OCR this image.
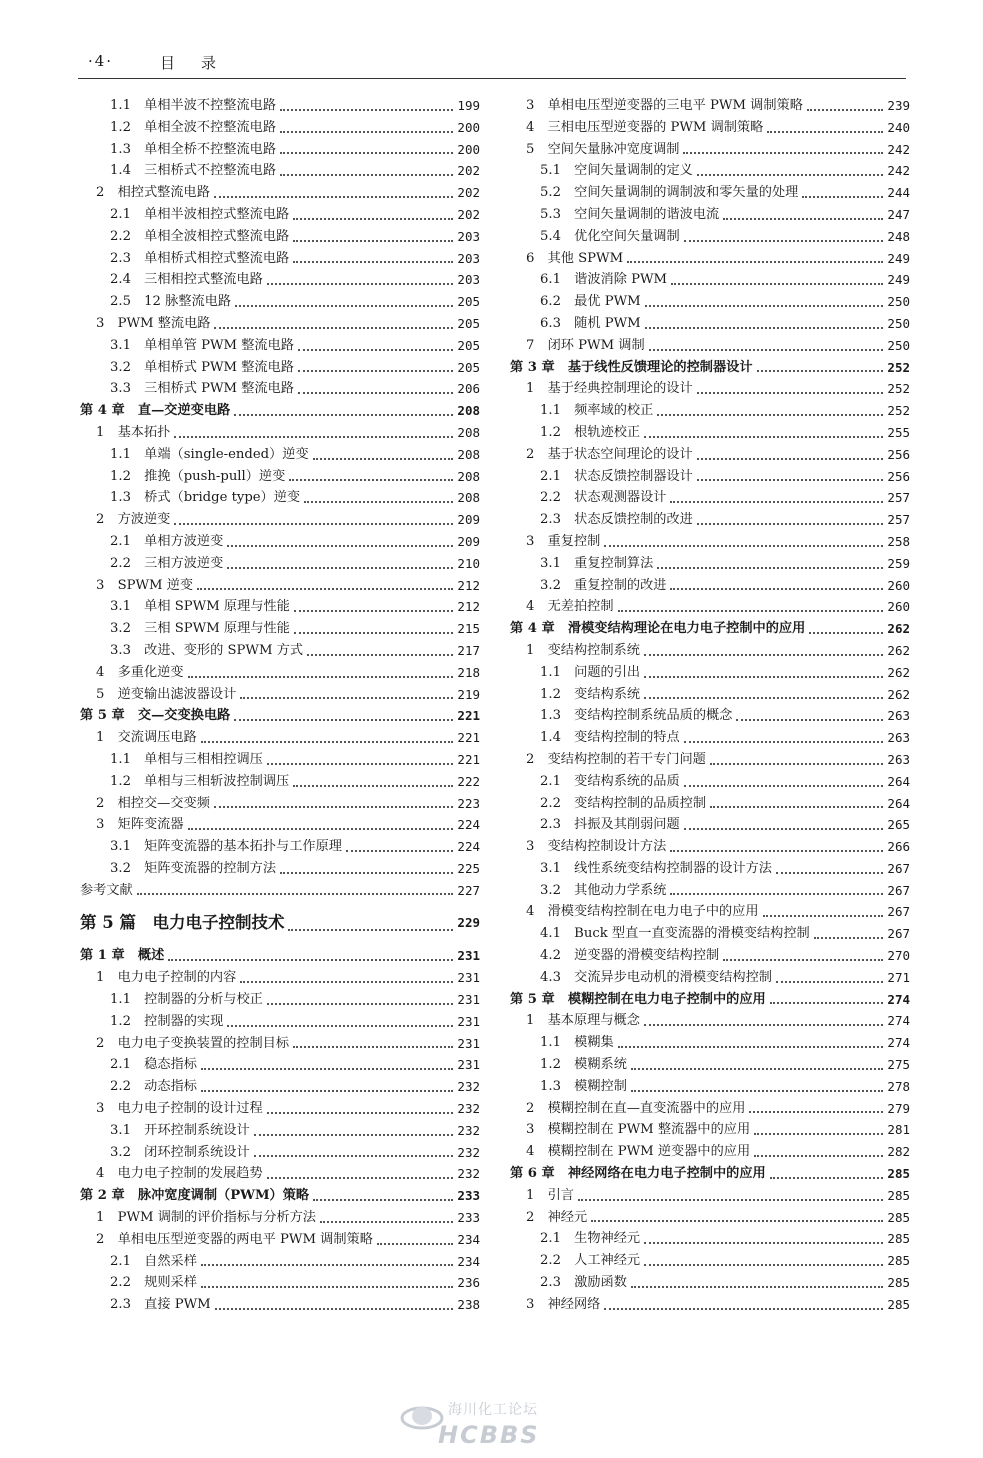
·4·	目录
1.1　单相半波不控整流电路	199
1.2　单相全波不控整流电路	200
1.3　单相全桥不控整流电路	200
1.4　三相桥式不控整流电路	202
2　相控式整流电路	202
2.1　单相半波相控式整流电路	202
2.2　单相全波相控式整流电路	203
2.3　单相桥式相控式整流电路	203
2.4　三相相控式整流电路	203
2.5　12 脉整流电路	205
3　PWM 整流电路	205
3.1　单相单管 PWM 整流电路	205
3.2　单相桥式 PWM 整流电路	205
3.3　三相桥式 PWM 整流电路	206
第 4 章　直—交逆变电路	208
1　基本拓扑	208
1.1　单端（single-ended）逆变	208
1.2　推挽（push-pull）逆变	208
1.3　桥式（bridge type）逆变	208
2　方波逆变	209
2.1　单相方波逆变	209
2.2　三相方波逆变	210
3　SPWM 逆变	212
3.1　单相 SPWM 原理与性能	212
3.2　三相 SPWM 原理与性能	215
3.3　改进、变形的 SPWM 方式	217
4　多重化逆变	218
5　逆变输出滤波器设计	219
第 5 章　交—交变换电路	221
1　交流调压电路	221
1.1　单相与三相相控调压	221
1.2　单相与三相斩波控制调压	222
2　相控交—交变频	223
3　矩阵变流器	224
3.1　矩阵变流器的基本拓扑与工作原理	224
3.2　矩阵变流器的控制方法	225
参考文献	227
第 5 篇　电力电子控制技术	229
第 1 章　概述	231
1　电力电子控制的内容	231
1.1　控制器的分析与校正	231
1.2　控制器的实现	231
2　电力电子变换装置的控制目标	231
2.1　稳态指标	231
2.2　动态指标	232
3　电力电子控制的设计过程	232
3.1　开环控制系统设计	232
3.2　闭环控制系统设计	232
4　电力电子控制的发展趋势	232
第 2 章　脉冲宽度调制（PWM）策略	233
1　PWM 调制的评价指标与分析方法	233
2　单相电压型逆变器的两电平 PWM 调制策略	234
2.1　自然采样	234
2.2　规则采样	236
2.3　直接 PWM	238
3　单相电压型逆变器的三电平 PWM 调制策略	239
4　三相电压型逆变器的 PWM 调制策略	240
5　空间矢量脉冲宽度调制	242
5.1　空间矢量调制的定义	242
5.2　空间矢量调制的调制波和零矢量的处理	244
5.3　空间矢量调制的谐波电流	247
5.4　优化空间矢量调制	248
6　其他 SPWM	249
6.1　谐波消除 PWM	249
6.2　最优 PWM	250
6.3　随机 PWM	250
7　闭环 PWM 调制	250
第 3 章　基于线性反馈理论的控制器设计	252
1　基于经典控制理论的设计	252
1.1　频率域的校正	252
1.2　根轨迹校正	255
2　基于状态空间理论的设计	256
2.1　状态反馈控制器设计	256
2.2　状态观测器设计	257
2.3　状态反馈控制的改进	257
3　重复控制	258
3.1　重复控制算法	259
3.2　重复控制的改进	260
4　无差拍控制	260
第 4 章　滑模变结构理论在电力电子控制中的应用	262
1　变结构控制系统	262
1.1　问题的引出	262
1.2　变结构系统	262
1.3　变结构控制系统品质的概念	263
1.4　变结构控制的特点	263
2　变结构控制的若干专门问题	263
2.1　变结构系统的品质	264
2.2　变结构控制的品质控制	264
2.3　抖振及其削弱问题	265
3　变结构控制设计方法	266
3.1　线性系统变结构控制器的设计方法	267
3.2　其他动力学系统	267
4　滑模变结构控制在电力电子中的应用	267
4.1　Buck 型直一直变流器的滑模变结构控制	267
4.2　逆变器的滑模变结构控制	270
4.3　交流异步电动机的滑模变结构控制	271
第 5 章　模糊控制在电力电子控制中的应用	274
1　基本原理与概念	274
1.1　模糊集	274
1.2　模糊系统	275
1.3　模糊控制	278
2　模糊控制在直—直变流器中的应用	279
3　模糊控制在 PWM 整流器中的应用	281
4　模糊控制在 PWM 逆变器中的应用	282
第 6 章　神经网络在电力电子控制中的应用	285
1　引言	285
2　神经元	285
2.1　生物神经元	285
2.2　人工神经元	285
2.3　激励函数	285
3　神经网络	285
海川化工论坛
HCBBS
